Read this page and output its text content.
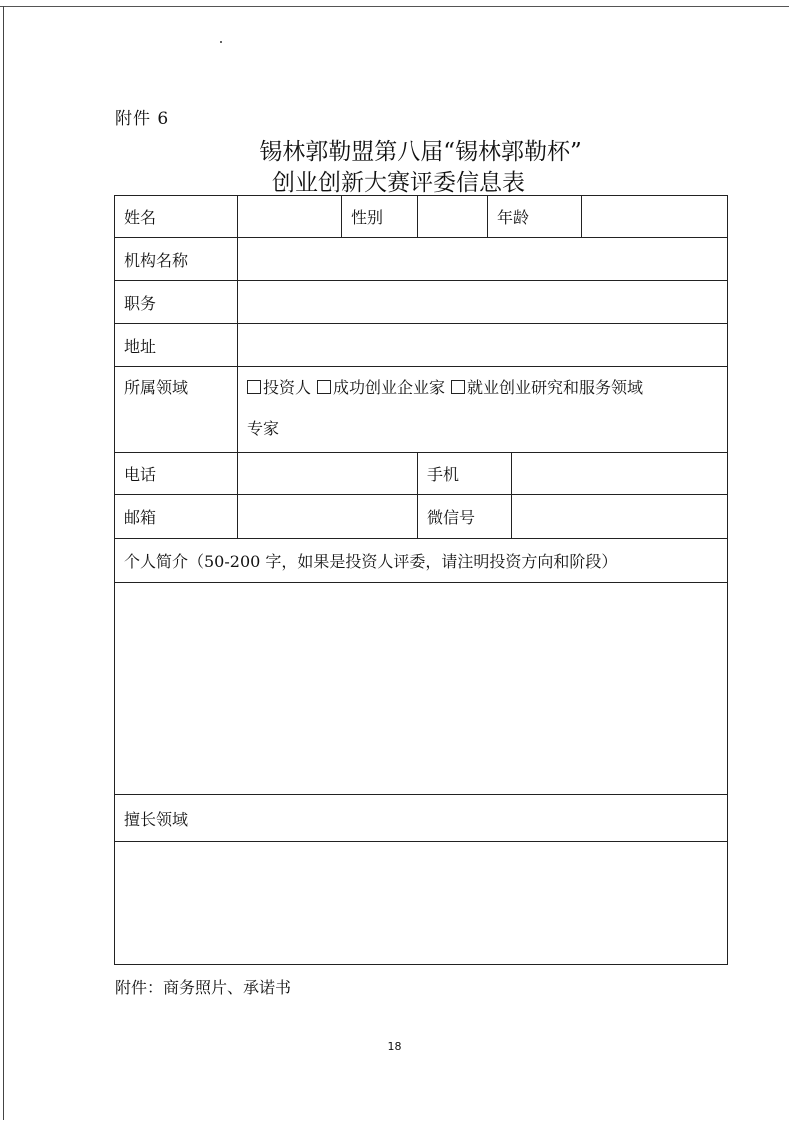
附件 6
锡林郭勒盟第八届“锡林郭勒杯”
创业创新大赛评委信息表
姓名	性别	年龄
机构名称
职务
地址
所属领域	投资人 成功创业企业家 就业创业研究和服务领域
专家
电话	手机
邮箱	微信号
个人简介（50-200 字，如果是投资人评委，请注明投资方向和阶段）
擅长领域
附件：商务照片、承诺书
18
